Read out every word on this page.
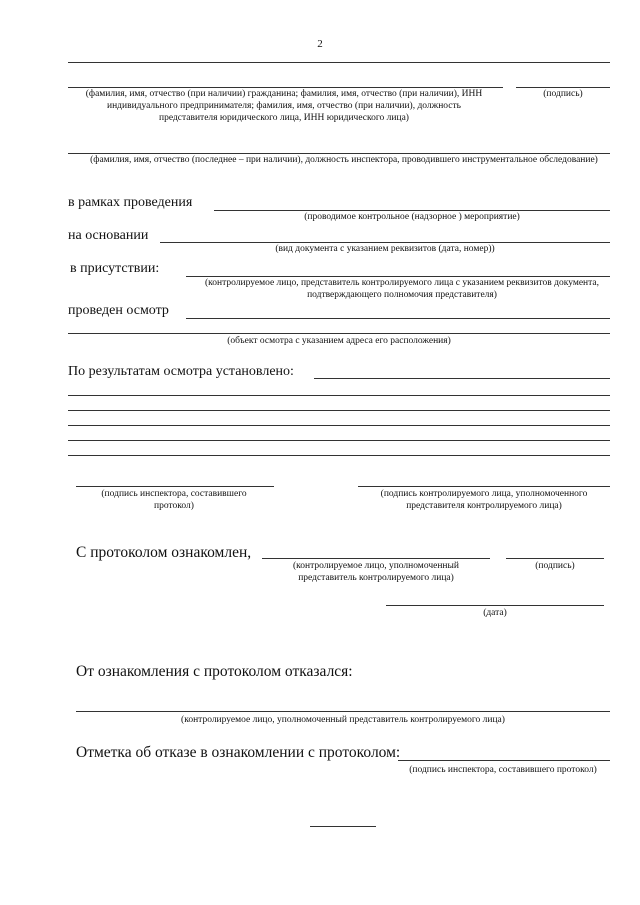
2
(фамилия, имя, отчество (при наличии) гражданина; фамилия, имя, отчество (при наличии), ИНН индивидуального предпринимателя; фамилия, имя, отчество (при наличии), должность представителя юридического лица, ИНН юридического лица)
(подпись)
(фамилия, имя, отчество (последнее – при наличии), должность инспектора, проводившего инструментальное обследование)
в рамках проведения
(проводимое контрольное (надзорное ) мероприятие)
на основании
(вид документа с указанием реквизитов (дата, номер))
в присутствии:
(контролируемое лицо, представитель контролируемого лица с указанием реквизитов документа, подтверждающего полномочия представителя)
проведен осмотр
(объект осмотра с указанием адреса его расположения)
По результатам осмотра установлено:
(подпись инспектора, составившего протокол)
(подпись контролируемого лица, уполномоченного представителя контролируемого лица)
С протоколом ознакомлен,
(контролируемое лицо, уполномоченный представитель контролируемого лица)
(подпись)
(дата)
От ознакомления с протоколом отказался:
(контролируемое лицо, уполномоченный представитель контролируемого лица)
Отметка об отказе в ознакомлении с протоколом:
(подпись инспектора, составившего протокол)
